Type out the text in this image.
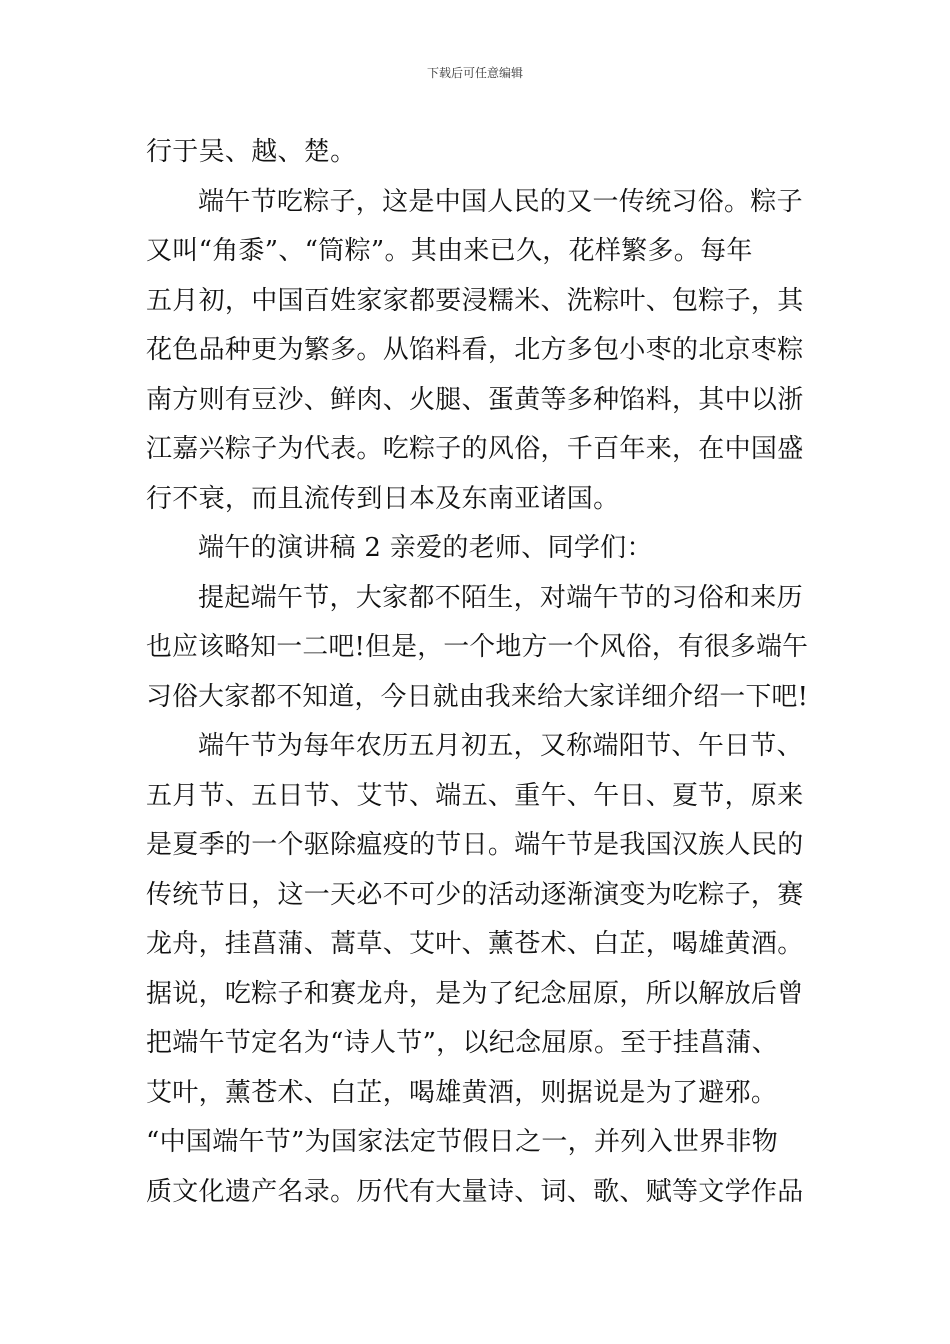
下载后可任意编辑
行于吴、越、楚。
端午节吃粽子，这是中国人民的又一传统习俗。粽子
又叫“角黍”、“筒粽”。其由来已久，花样繁多。每年
五月初，中国百姓家家都要浸糯米、洗粽叶、包粽子，其
花色品种更为繁多。从馅料看，北方多包小枣的北京枣粽
南方则有豆沙、鲜肉、火腿、蛋黄等多种馅料，其中以浙
江嘉兴粽子为代表。吃粽子的风俗，千百年来，在中国盛
行不衰，而且流传到日本及东南亚诸国。
端午的演讲稿 2 亲爱的老师、同学们：
提起端午节，大家都不陌生，对端午节的习俗和来历
也应该略知一二吧!但是，一个地方一个风俗，有很多端午
习俗大家都不知道，今日就由我来给大家详细介绍一下吧!
端午节为每年农历五月初五，又称端阳节、午日节、
五月节、五日节、艾节、端五、重午、午日、夏节，原来
是夏季的一个驱除瘟疫的节日。端午节是我国汉族人民的
传统节日，这一天必不可少的活动逐渐演变为吃粽子，赛
龙舟，挂菖蒲、蒿草、艾叶、薰苍术、白芷，喝雄黄酒。
据说，吃粽子和赛龙舟，是为了纪念屈原，所以解放后曾
把端午节定名为“诗人节”，以纪念屈原。至于挂菖蒲、
艾叶，薰苍术、白芷，喝雄黄酒，则据说是为了避邪。
“中国端午节”为国家法定节假日之一，并列入世界非物
质文化遗产名录。历代有大量诗、词、歌、赋等文学作品
